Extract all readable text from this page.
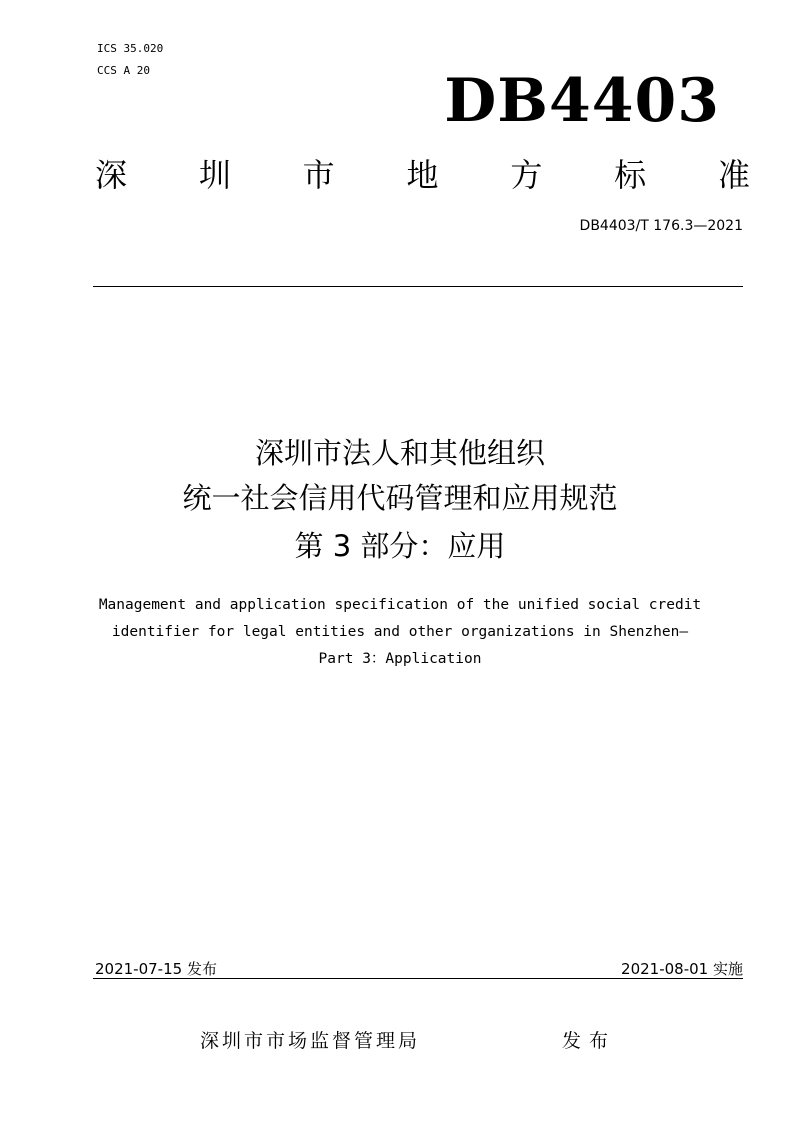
ICS 35.020
CCS A 20	DB4403
深 圳 市 地 方 标 准
DB4403/T 176.3—2021
深圳市法人和其他组织
统一社会信用代码管理和应用规范
第 3 部分：应用
Management and application specification of the unified social credit
identifier for legal entities and other organizations in Shenzhen—
Part 3：Application
2021-07-15 发布	2021-08-01 实施
深圳市市场监督管理局	发布
